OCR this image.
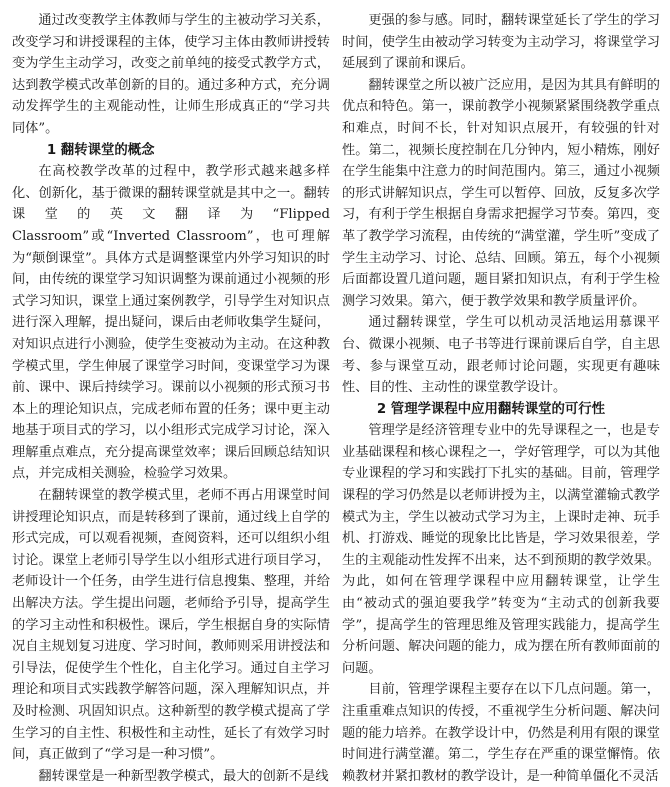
通过改变教学主体教师与学生的主被动学习关系，改变学习和讲授课程的主体，使学习主体由教师讲授转变为学生主动学习，改变之前单纯的接受式教学方式，达到教学模式改革创新的目的。通过多种方式，充分调动发挥学生的主观能动性，让师生形成真正的“学习共同体”。

1 翻转课堂的概念

在高校教学改革的过程中，教学形式越来越多样化、创新化，基于微课的翻转课堂就是其中之一。翻转课堂的英文翻译为“Flipped Classroom”或“Inverted Classroom”，也可理解为“颠倒课堂”。具体方式是调整课堂内外学习知识的时间，由传统的课堂学习知识调整为课前通过小视频的形式学习知识，课堂上通过案例教学，引导学生对知识点进行深入理解，提出疑问，课后由老师收集学生疑问，对知识点进行小测验，使学生变被动为主动。在这种教学模式里，学生伸展了课堂学习时间，变课堂学习为课前、课中、课后持续学习。课前以小视频的形式预习书本上的理论知识点，完成老师布置的任务；课中更主动地基于项目式的学习，以小组形式完成学习讨论，深入理解重点难点，充分提高课堂效率；课后回顾总结知识点，并完成相关测验，检验学习效果。

在翻转课堂的教学模式里，老师不再占用课堂时间讲授理论知识点，而是转移到了课前，通过线上自学的形式完成，可以观看视频，查阅资料，还可以组织小组讨论。课堂上老师引导学生以小组形式进行项目学习，老师设计一个任务，由学生进行信息搜集、整理，并给出解决方法。学生提出问题，老师给予引导，提高学生的学习主动性和积极性。课后，学生根据自身的实际情况自主规划复习进度、学习时间，教师则采用讲授法和引导法，促使学生个性化，自主化学习。通过自主学习理论和项目式实践教学解答问题，深入理解知识点，并及时检测、巩固知识点。这种新型的教学模式提高了学生学习的自主性、积极性和主动性，延长了有效学习时间，真正做到了“学习是一种习惯”。

翻转课堂是一种新型教学模式，最大的创新不是线

更强的参与感。同时，翻转课堂延长了学生的学习时间，使学生由被动学习转变为主动学习，将课堂学习延展到了课前和课后。

翻转课堂之所以被广泛应用，是因为其具有鲜明的优点和特色。第一，课前教学小视频紧紧围绕教学重点和难点，时间不长，针对知识点展开，有较强的针对性。第二，视频长度控制在几分钟内，短小精炼，刚好在学生能集中注意力的时间范围内。第三，通过小视频的形式讲解知识点，学生可以暂停、回放，反复多次学习，有利于学生根据自身需求把握学习节奏。第四，变革了教学学习流程，由传统的“满堂灌，学生听”变成了学生主动学习、讨论、总结、回顾。第五，每个小视频后面都设置几道问题，题目紧扣知识点，有利于学生检测学习效果。第六，便于教学效果和教学质量评价。

通过翻转课堂，学生可以机动灵活地运用慕课平台、微课小视频、电子书等进行课前课后自学，自主思考、参与课堂互动，跟老师讨论问题，实现更有趣味性、目的性、主动性的课堂教学设计。

2 管理学课程中应用翻转课堂的可行性

管理学是经济管理专业中的先导课程之一，也是专业基础课程和核心课程之一，学好管理学，可以为其他专业课程的学习和实践打下扎实的基础。目前，管理学课程的学习仍然是以老师讲授为主，以满堂灌输式教学模式为主，学生以被动式学习为主，上课时走神、玩手机、打游戏、睡觉的现象比比皆是，学习效果很差，学生的主观能动性发挥不出来，达不到预期的教学效果。为此，如何在管理学课程中应用翻转课堂，让学生由“被动式的强迫要我学”转变为“主动式的创新我要学”，提高学生的管理思维及管理实践能力，提高学生分析问题、解决问题的能力，成为摆在所有教师面前的问题。

目前，管理学课程主要存在以下几点问题。第一，注重重难点知识的传授，不重视学生分析问题、解决问题的能力培养。在教学设计中，仍然是利用有限的课堂时间进行满堂灌。第二，学生存在严重的课堂懈惰。依赖教材并紧扣教材的教学设计，是一种简单僵化不灵活
